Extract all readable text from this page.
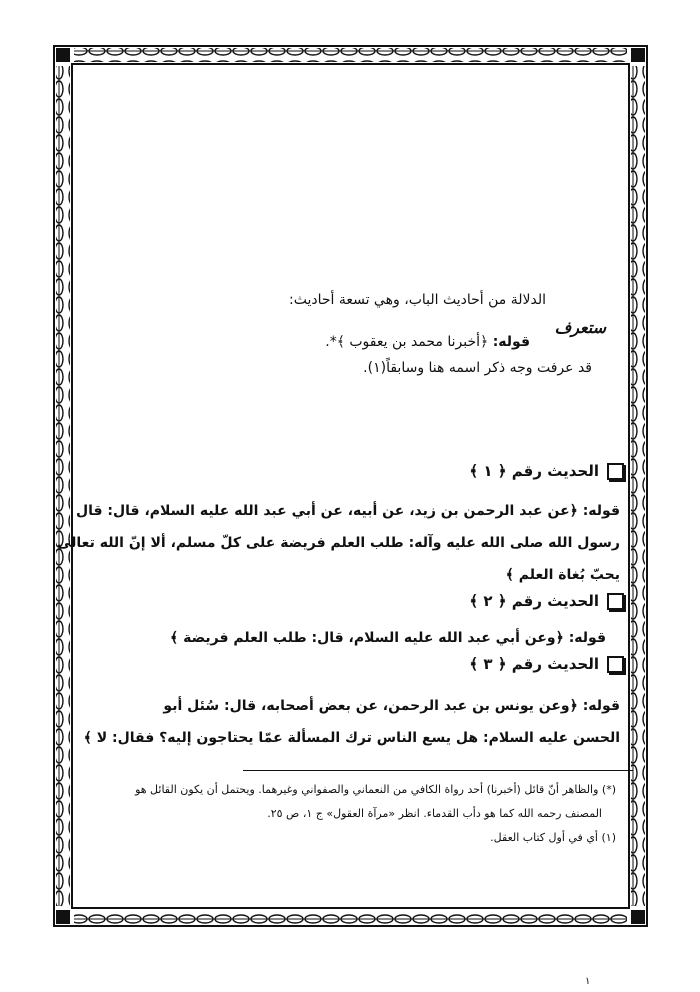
الدلالة من أحاديث الباب، وهي تسعة أحاديث:
ستعرف
قوله: ﴿أخبرنا محمد بن يعقوب ﴾*.
قد عرفت وجه ذكر اسمه هنا وسابقاً(١).
الحديث رقم ﴿ ١ ﴾
قوله: ﴿عن عبد الرحمن بن زيد، عن أبيه، عن أبي عبد الله عليه السلام، قال: قال
رسول الله صلى الله عليه وآله: طلب العلم فريضة على كلّ مسلم، ألا إنّ الله تعالى
يحبّ بُغاة العلم ﴾
الحديث رقم ﴿ ٢ ﴾
قوله: ﴿وعن أبي عبد الله عليه السلام، قال: طلب العلم فريضة ﴾
الحديث رقم ﴿ ٣ ﴾
قوله: ﴿وعن يونس بن عبد الرحمن، عن بعض أصحابه، قال: سُئل أبو
الحسن عليه السلام: هل يسع الناس ترك المسألة عمّا يحتاجون إليه؟ فقال: لا ﴾
(*) والظاهر أنّ قائل (أخبرنا) أحد رواة الكافي من النعماني والصفواني وغيرهما. ويحتمل أن يكون القائل هو
المصنف رحمه الله كما هو دأب القدماء. انظر «مرآة العقول» ج ١، ص ٢٥.
(١) أي في أول كتاب العقل.
١
